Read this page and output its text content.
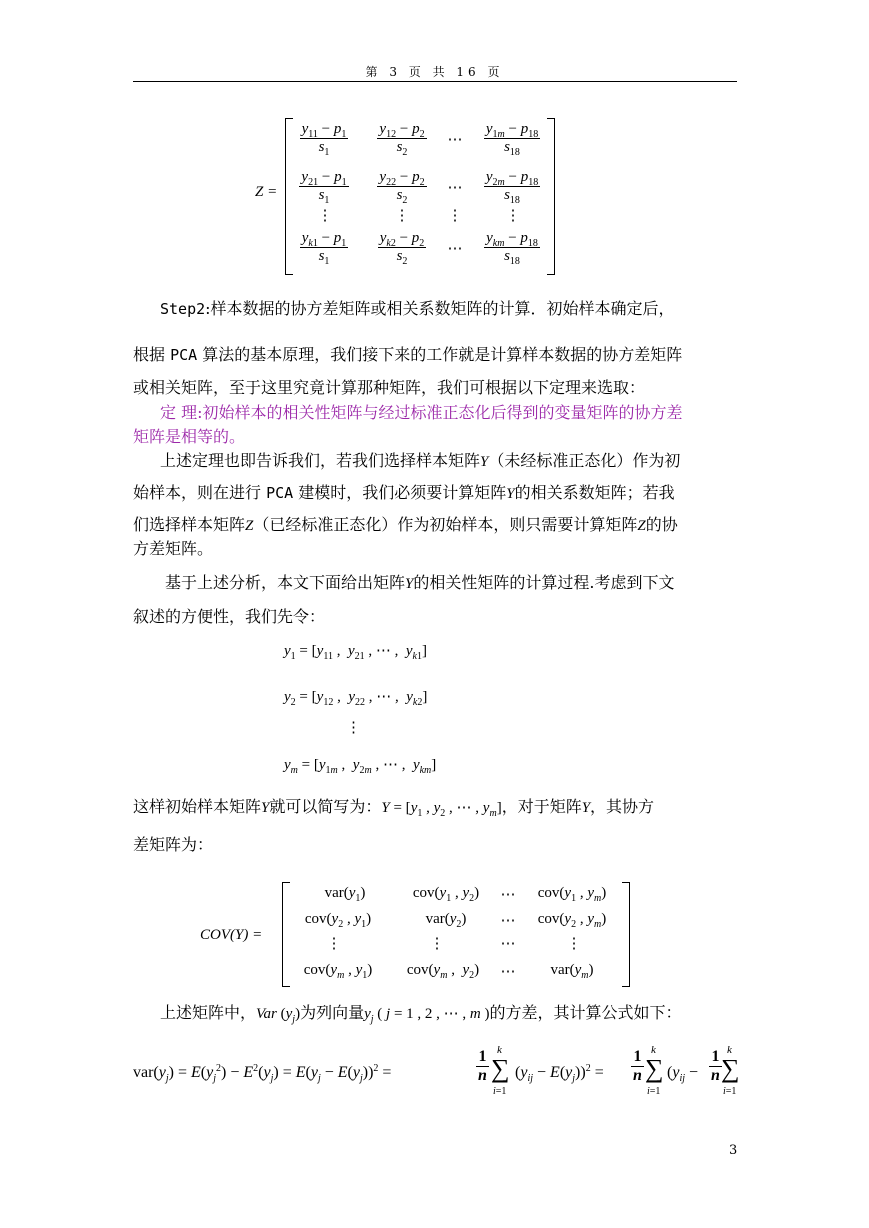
第 3 页 共 16 页
Z =
$\frac{y_{11} - p_1}{s_1} \frac{y_{12} - p_2}{s_2}$ ⋯ $\frac{y_{1m} - p_{18}}{s_{18}}$
$\frac{y_{21} - p_1}{s_1} \frac{y_{22} - p_2}{s_2}$ ⋯ $\frac{y_{2m} - p_{18}}{s_{18}}$
⋮	⋮	⋮	⋮
$\frac{y_{k1} - p_1}{s_1} \frac{y_{k2} - p_2}{s_2}$ ⋯ $\frac{y_{km} - p_{18}}{s_{18}}$
Step2:样本数据的协方差矩阵或相关系数矩阵的计算．初始样本确定后，
根据 PCA 算法的基本原理，我们接下来的工作就是计算样本数据的协方差矩阵
或相关矩阵，至于这里究竟计算那种矩阵，我们可根据以下定理来选取：
定 理:初始样本的相关性矩阵与经过标准正态化后得到的变量矩阵的协方差
矩阵是相等的。
上述定理也即告诉我们，若我们选择样本矩阵Y（未经标准正态化）作为初
始样本，则在进行 PCA 建模时，我们必须要计算矩阵Y的相关系数矩阵；若我
们选择样本矩阵Z（已经标准正态化）作为初始样本，则只需要计算矩阵Z的协
方差矩阵。
基于上述分析，本文下面给出矩阵Y的相关性矩阵的计算过程.考虑到下文
叙述的方便性，我们先令：
$y_1 = [y_{11}$ ,  $y_{21}$ , ⋯ ,  $y_{k1}$]
$y_2 = [y_{12}$ ,  $y_{22}$ , ⋯ ,  $y_{k2}$]
⋮
$y_m = [y_{1m}$ ,  $y_{2m}$ , ⋯ ,  $y_{km}$]
这样初始样本矩阵Y就可以简写为：$Y = [y_1$ , $y_2$ , ⋯ , $y_m$]，对于矩阵Y，其协方
差矩阵为：
COV(Y) =
$var(y_1)$	$cov(y_1$ , $y_2$)	⋯	$cov(y_1$ , $y_m$)
$cov(y_2$ , $y_1$)	$var(y_2)$	⋯	$cov(y_2$ , $y_m$)
⋮	⋮	⋯	⋮
$cov(y_m$ , $y_1$)	$cov(y_m$ ,  $y_2$)	⋯	$var(y_m)$
上述矩阵中，Var $(y_j)$为列向量$y_j$ ( j = 1 , 2 , ⋯ , m )的方差，其计算公式如下：
$var(y_j) = E(y_j^2) - E^2(y_j) = E(y_j - E(y_j))^2$ =	$\frac{1}{n}$ k
∑
i=1
$(y_{ij} - E(y_j))^2 = \frac{1}{n}$ k
∑
i=1
($y_{ij} - \frac{1}{n}$ k
∑
i=1
3
